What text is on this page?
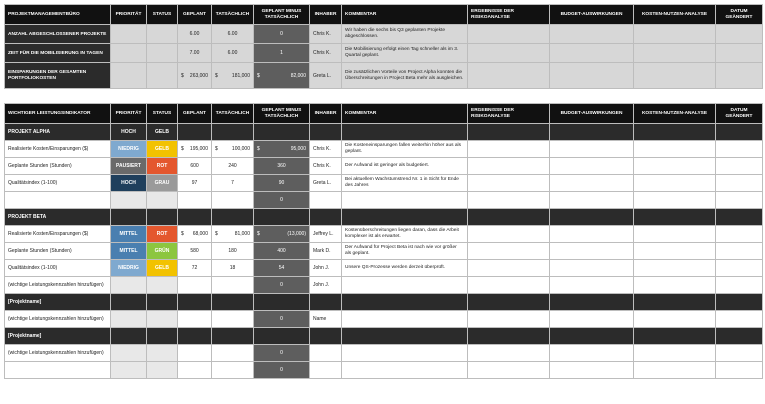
PROJEKTMANAGEMENTBÜRO	PRIORITÄT	STATUS	GEPLANT	TATSÄCHLICH	GEPLANT MINUS TATSÄCHLICH	INHABER	KOMMENTAR	ERGEBNISSE DER RISIKOANALYSE	BUDGET-AUSWIRKUNGEN	KOSTEN-NUTZEN-ANALYSE	DATUM GEÄNDERT
ANZAHL ABGESCHLOSSENER PROJEKTE			6.00	6.00	0	Chris K.	Wir haben die sechs bis Q3 geplanten Projekte abgeschlossen.				
ZEIT FÜR DIE MOBILISIERUNG IN TAGEN			7.00	6.00	1	Chris K.	Die Mobilisierung erfolgt einen Tag schneller als im 3. Quartal geplant.				
EINSPARUNGEN DER GESAMTEN PORTFOLIOKOSTEN			$ 263,000	$ 181,000	$ 82,000	Greta L.	Die zusätzlichen Vorteile von Project Alpha konnten die Überschreitungen in Project Beta mehr als ausgleichen.				
WICHTIGER LEISTUNGSINDIKATOR	PRIORITÄT	STATUS	GEPLANT	TATSÄCHLICH	GEPLANT MINUS TATSÄCHLICH	INHABER	KOMMENTAR	ERGEBNISSE DER RISIKOANALYSE	BUDGET-AUSWIRKUNGEN	KOSTEN-NUTZEN-ANALYSE	DATUM GEÄNDERT
PROJEKT ALPHA	HOCH	GELB									
Realisierte Kosten/Einsparungen ($)	NIEDRIG	GELB	$ 195,000	$ 100,000	$ 95,000	Chris K.	Die Kosteneinsparungen fallen weiterhin höher aus als geplant.				
Geplante Stunden (Stunden)	PAUSIERT	ROT	600	240	360	Chris K.	Der Aufwand ist geringer als budgetiert.				
Qualitätsindex (1-100)	HOCH	GRAU	97	7	90	Greta L.	Bei aktuellem Wachstumstrend Nr. 1 in Sicht für Ende des Jahres				
					0						
PROJEKT BETA											
Realisierte Kosten/Einsparungen ($)	MITTEL	ROT	$ 68,000	$ 81,000	$ (13,000)	Jeffrey L.	Kostenüberschreitungen liegen daran, dass die Arbeit komplexer ist als erwartet.				
Geplante Stunden (Stunden)	MITTEL	GRÜN	580	180	400	Mark D.	Der Aufwand für Project Beta ist nach wie vor größer als geplant.				
Qualitätsindex (1-100)	NIEDRIG	GELB	72	18	54	John J.	Unsere QS-Prozesse werden derzeit überprüft.				
(wichtige Leistungskennzahlen hinzufügen)					0	John J.					
[Projektname]											
(wichtige Leistungskennzahlen hinzufügen)					0	Name					
[Projektname]											
(wichtige Leistungskennzahlen hinzufügen)					0						
					0						
